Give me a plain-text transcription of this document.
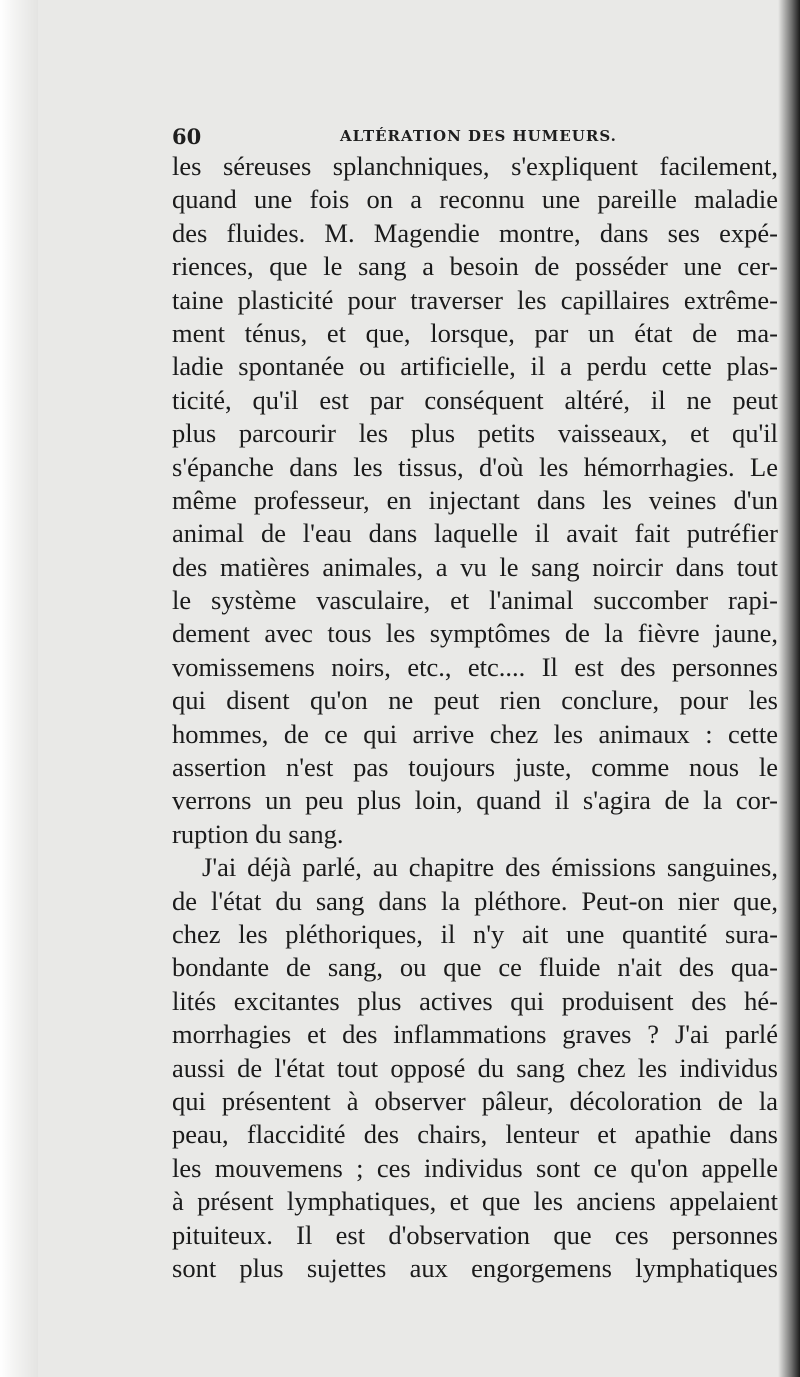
60	ALTÉRATION DES HUMEURS.
les séreuses splanchniques, s'expliquent facilement,
quand une fois on a reconnu une pareille maladie
des fluides. M. Magendie montre, dans ses expé-
riences, que le sang a besoin de posséder une cer-
taine plasticité pour traverser les capillaires extrême-
ment ténus, et que, lorsque, par un état de ma-
ladie spontanée ou artificielle, il a perdu cette plas-
ticité, qu'il est par conséquent altéré, il ne peut
plus parcourir les plus petits vaisseaux, et qu'il
s'épanche dans les tissus, d'où les hémorrhagies. Le
même professeur, en injectant dans les veines d'un
animal de l'eau dans laquelle il avait fait putréfier
des matières animales, a vu le sang noircir dans tout
le système vasculaire, et l'animal succomber rapi-
dement avec tous les symptômes de la fièvre jaune,
vomissemens noirs, etc., etc.... Il est des personnes
qui disent qu'on ne peut rien conclure, pour les
hommes, de ce qui arrive chez les animaux : cette
assertion n'est pas toujours juste, comme nous le
verrons un peu plus loin, quand il s'agira de la cor-
ruption du sang.
J'ai déjà parlé, au chapitre des émissions sanguines,
de l'état du sang dans la pléthore. Peut-on nier que,
chez les pléthoriques, il n'y ait une quantité sura-
bondante de sang, ou que ce fluide n'ait des qua-
lités excitantes plus actives qui produisent des hé-
morrhagies et des inflammations graves ? J'ai parlé
aussi de l'état tout opposé du sang chez les individus
qui présentent à observer pâleur, décoloration de la
peau, flaccidité des chairs, lenteur et apathie dans
les mouvemens ; ces individus sont ce qu'on appelle
à présent lymphatiques, et que les anciens appelaient
pituiteux. Il est d'observation que ces personnes
sont plus sujettes aux engorgemens lymphatiques
